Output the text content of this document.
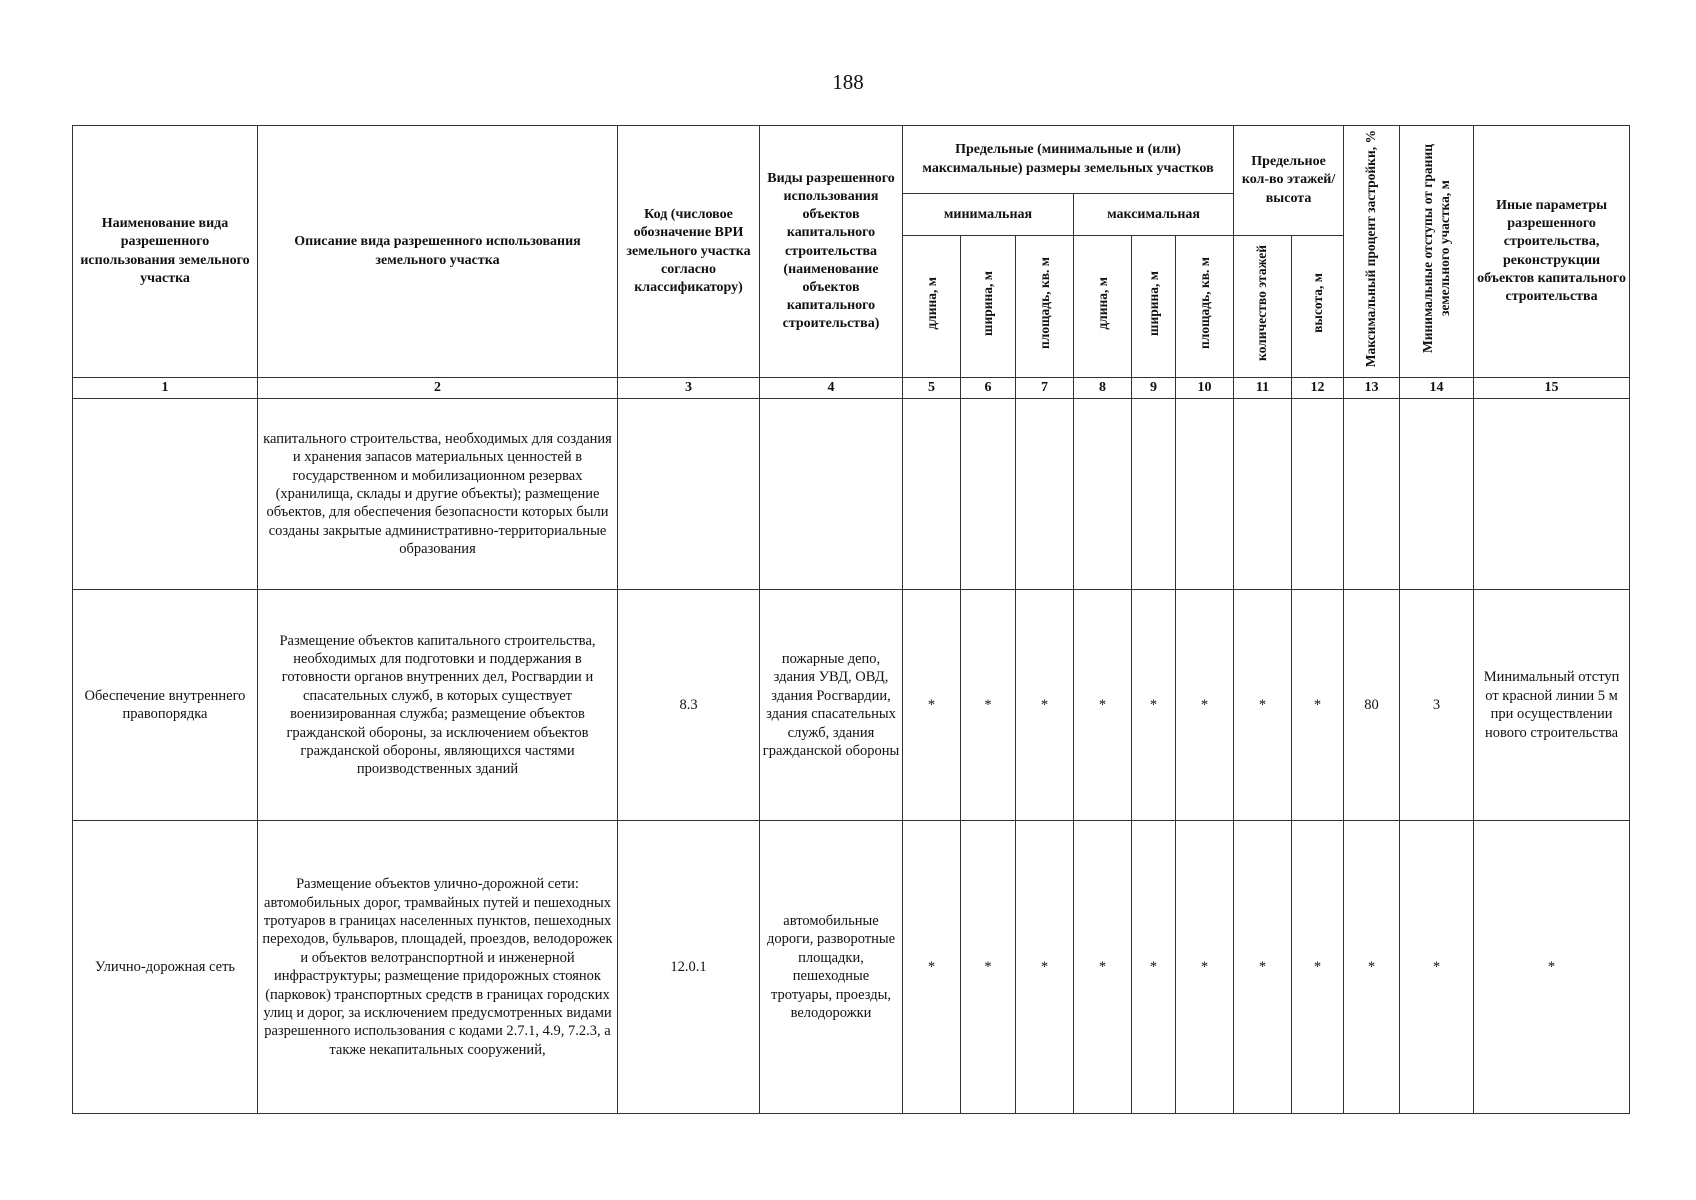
188
Наименование вида разрешенного использования земельного участка	Описание вида разрешенного использования земельного участка	Код (числовое обозначение ВРИ земельного участка согласно классификатору)	Виды разрешенного использования объектов капитального строительства (наименование объектов капитального строительства)	Предельные (минимальные и (или) максимальные) размеры земельных участков						Предельное кол-во этажей/высота		Максимальный процент застройки, %	Минимальные отступы от границ земельного участка, м	Иные параметры разрешенного строительства, реконструкции объектов капитального строительства
				минимальная			максимальная							
				длина, м	ширина, м	площадь, кв. м	длина, м	ширина, м	площадь, кв. м	количество этажей	высота, м			
1	2	3	4	5	6	7	8	9	10	11	12	13	14	15
	капитального строительства, необходимых для создания и хранения запасов материальных ценностей в государственном и мобилизационном резервах (хранилища, склады и другие объекты); размещение объектов, для обеспечения безопасности которых были созданы закрытые административно-территориальные образования													
Обеспечение внутреннего правопорядка	Размещение объектов капитального строительства, необходимых для подготовки и поддержания в готовности органов внутренних дел, Росгвардии и спасательных служб, в которых существует военизированная служба; размещение объектов гражданской обороны, за исключением объектов гражданской обороны, являющихся частями производственных зданий	8.3	пожарные депо, здания УВД, ОВД, здания Росгвардии, здания спасательных служб, здания гражданской обороны	*	*	*	*	*	*	*	*	80	3	Минимальный отступ от красной линии 5 м при осуществлении нового строительства
Улично-дорожная сеть	Размещение объектов улично-дорожной сети: автомобильных дорог, трамвайных путей и пешеходных тротуаров в границах населенных пунктов, пешеходных переходов, бульваров, площадей, проездов, велодорожек и объектов велотранспортной и инженерной инфраструктуры; размещение придорожных стоянок (парковок) транспортных средств в границах городских улиц и дорог, за исключением предусмотренных видами разрешенного использования с кодами 2.7.1, 4.9, 7.2.3, а также некапитальных сооружений,	12.0.1	автомобильные дороги, разворотные площадки, пешеходные тротуары, проезды, велодорожки	*	*	*	*	*	*	*	*	*	*	*
